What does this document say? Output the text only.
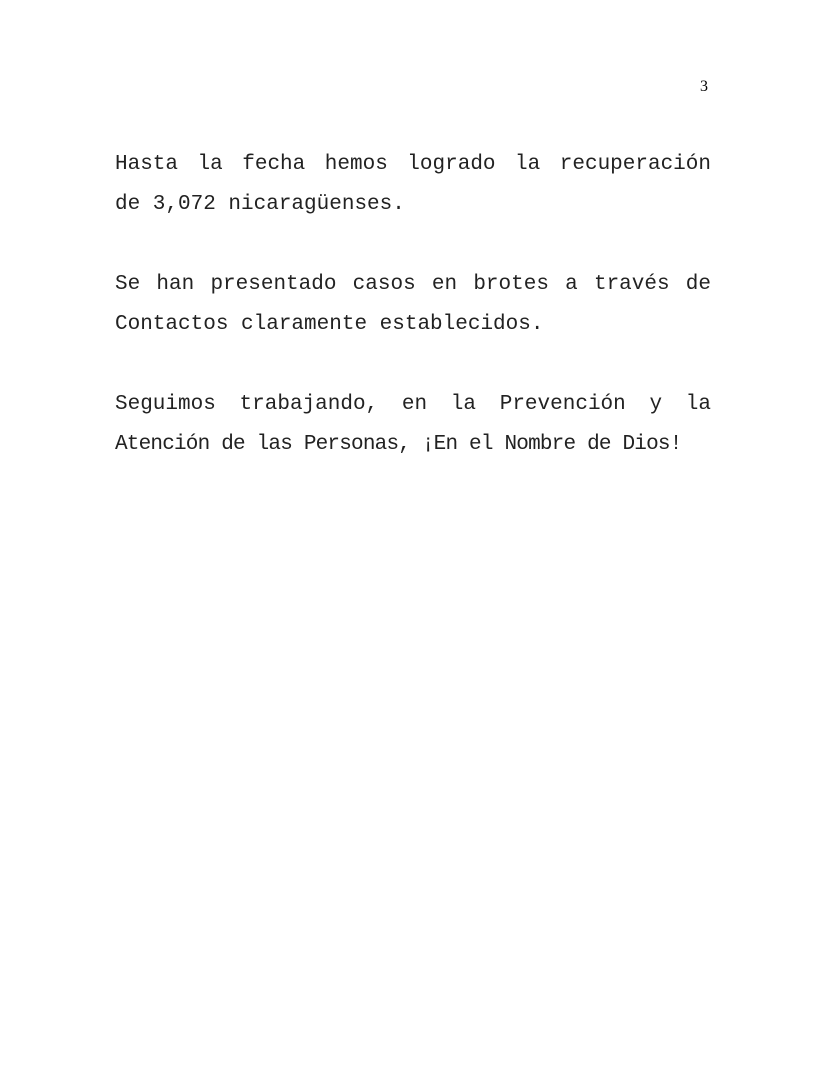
3
Hasta la fecha hemos logrado la recuperación
de 3,072 nicaragüenses.
Se han presentado casos en brotes a través de
Contactos claramente establecidos.
Seguimos trabajando, en la Prevención y la
Atención de las Personas, ¡En el Nombre de Dios!
